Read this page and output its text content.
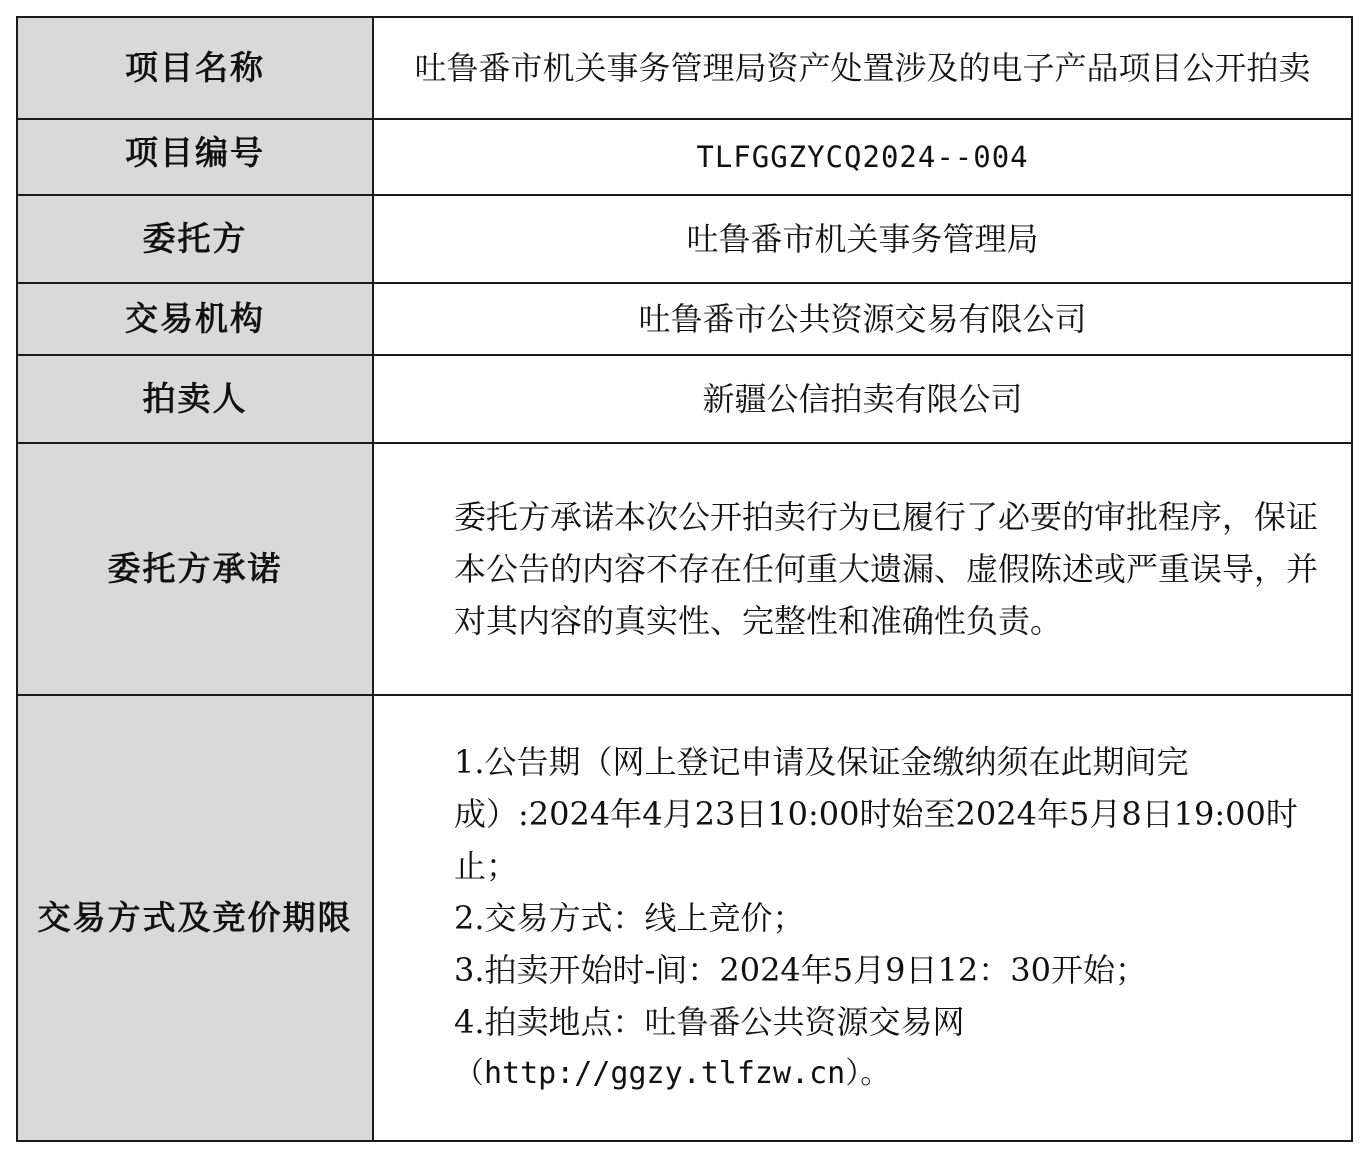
项目名称	吐鲁番市机关事务管理局资产处置涉及的电子产品项目公开拍卖
项目编号	TLFGGZYCQ2024--004
委托方	吐鲁番市机关事务管理局
交易机构	吐鲁番市公共资源交易有限公司
拍卖人	新疆公信拍卖有限公司
委托方承诺	委托方承诺本次公开拍卖行为已履行了必要的审批程序，保证本公告的内容不存在任何重大遗漏、虚假陈述或严重误导，并对其内容的真实性、完整性和准确性负责。

交易方式及竞价期限	1.公告期（网上登记申请及保证金缴纳须在此期间完成）:2024年4月23日10:00时始至2024年5月8日19:00时止；
2.交易方式：线上竞价；
3.拍卖开始时-间：2024年5月9日12：30开始；
4.拍卖地点：吐鲁番公共资源交易网
（http://ggzy.tlfzw.cn）。
